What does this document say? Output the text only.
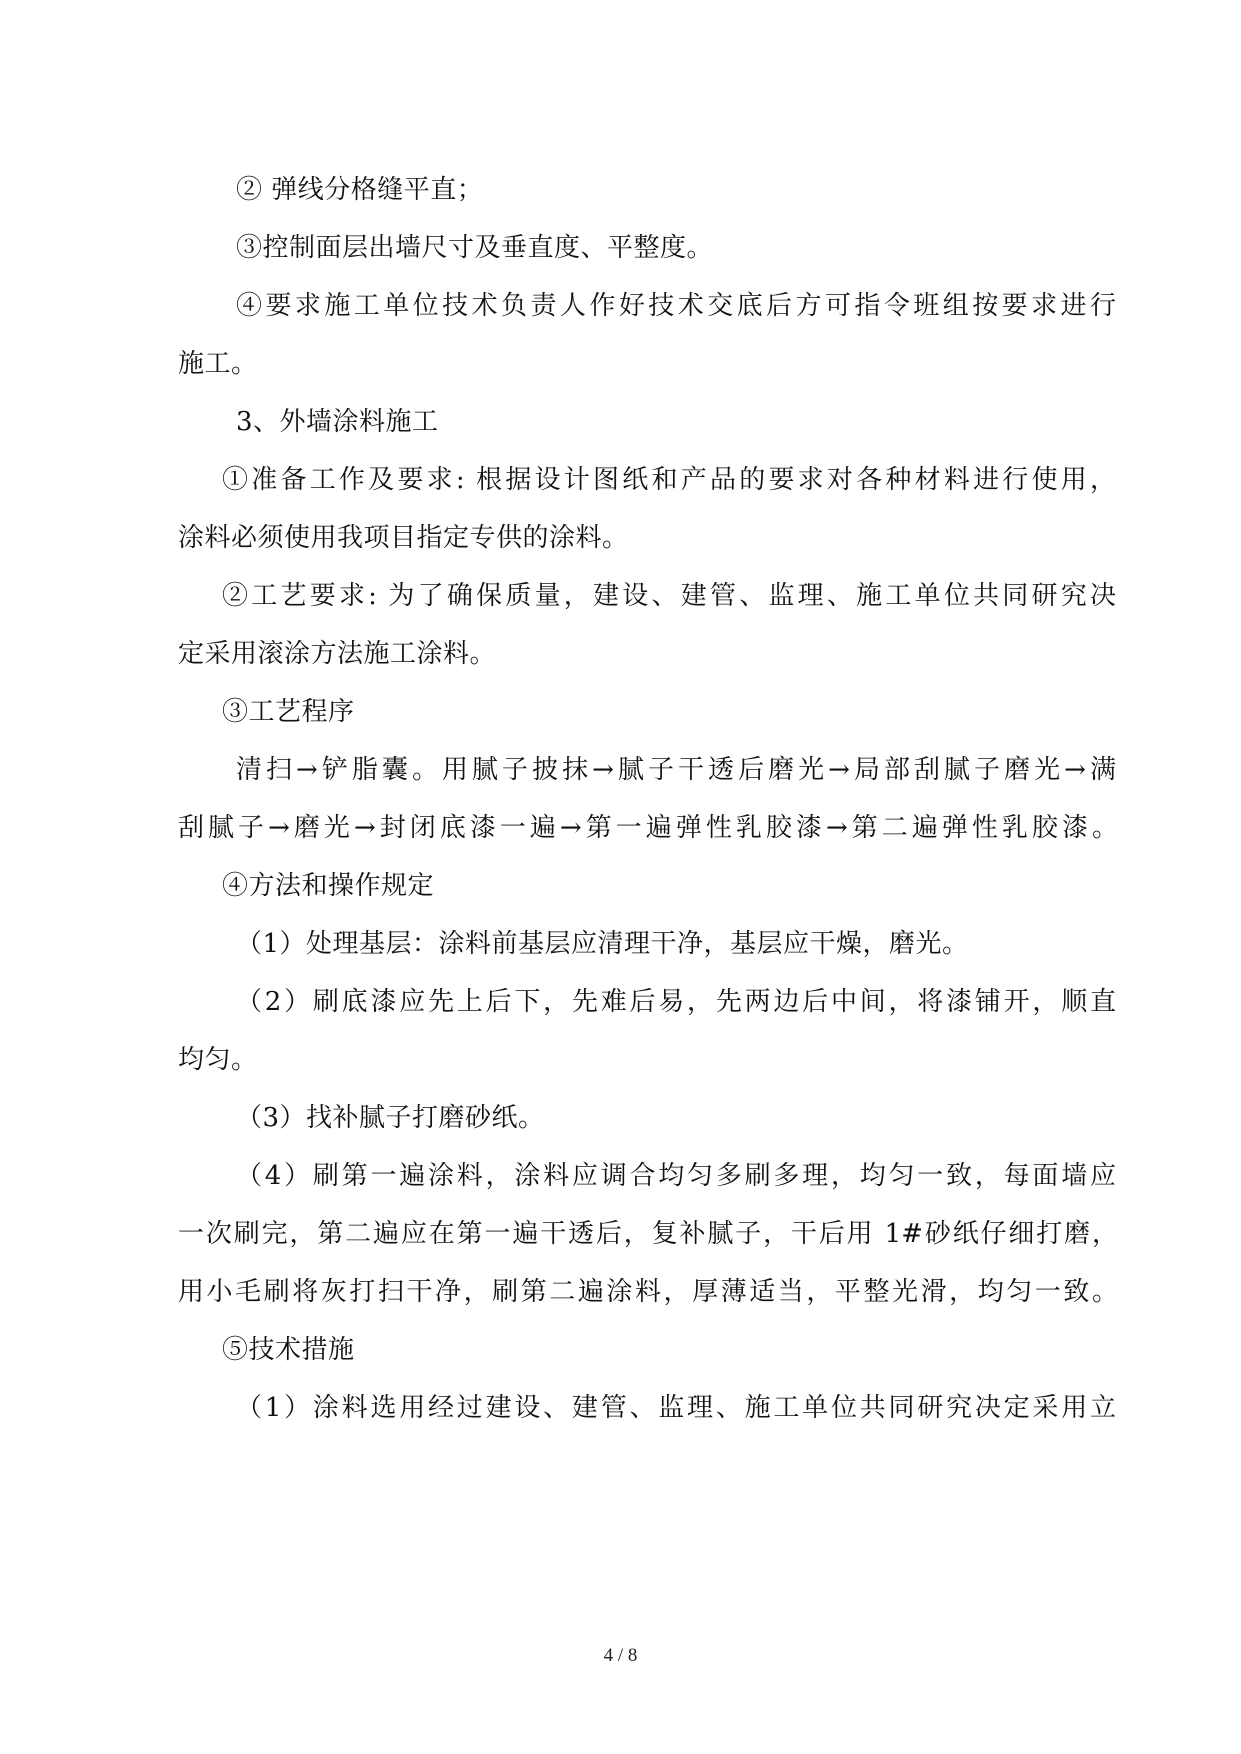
② 弹线分格缝平直；
③控制面层出墙尺寸及垂直度、平整度。
④要求施工单位技术负责人作好技术交底后方可指令班组按要求进行
施工。
3、外墙涂料施工
①准备工作及要求: 根据设计图纸和产品的要求对各种材料进行使用，
涂料必须使用我项目指定专供的涂料。
②工艺要求: 为了确保质量，建设、建管、监理、施工单位共同研究决
定采用滚涂方法施工涂料。
③工艺程序
清扫→铲脂囊。用腻子披抹→腻子干透后磨光→局部刮腻子磨光→满
刮腻子→磨光→封闭底漆一遍→第一遍弹性乳胶漆→第二遍弹性乳胶漆。
④方法和操作规定
（1）处理基层：涂料前基层应清理干净，基层应干燥，磨光。
（2）刷底漆应先上后下，先难后易，先两边后中间，将漆铺开，顺直
均匀。
（3）找补腻子打磨砂纸。
（4）刷第一遍涂料，涂料应调合均匀多刷多理，均匀一致，每面墙应
一次刷完，第二遍应在第一遍干透后，复补腻子，干后用 1#砂纸仔细打磨，
用小毛刷将灰打扫干净，刷第二遍涂料，厚薄适当，平整光滑，均匀一致。
⑤技术措施
（1）涂料选用经过建设、建管、监理、施工单位共同研究决定采用立
4 / 8
